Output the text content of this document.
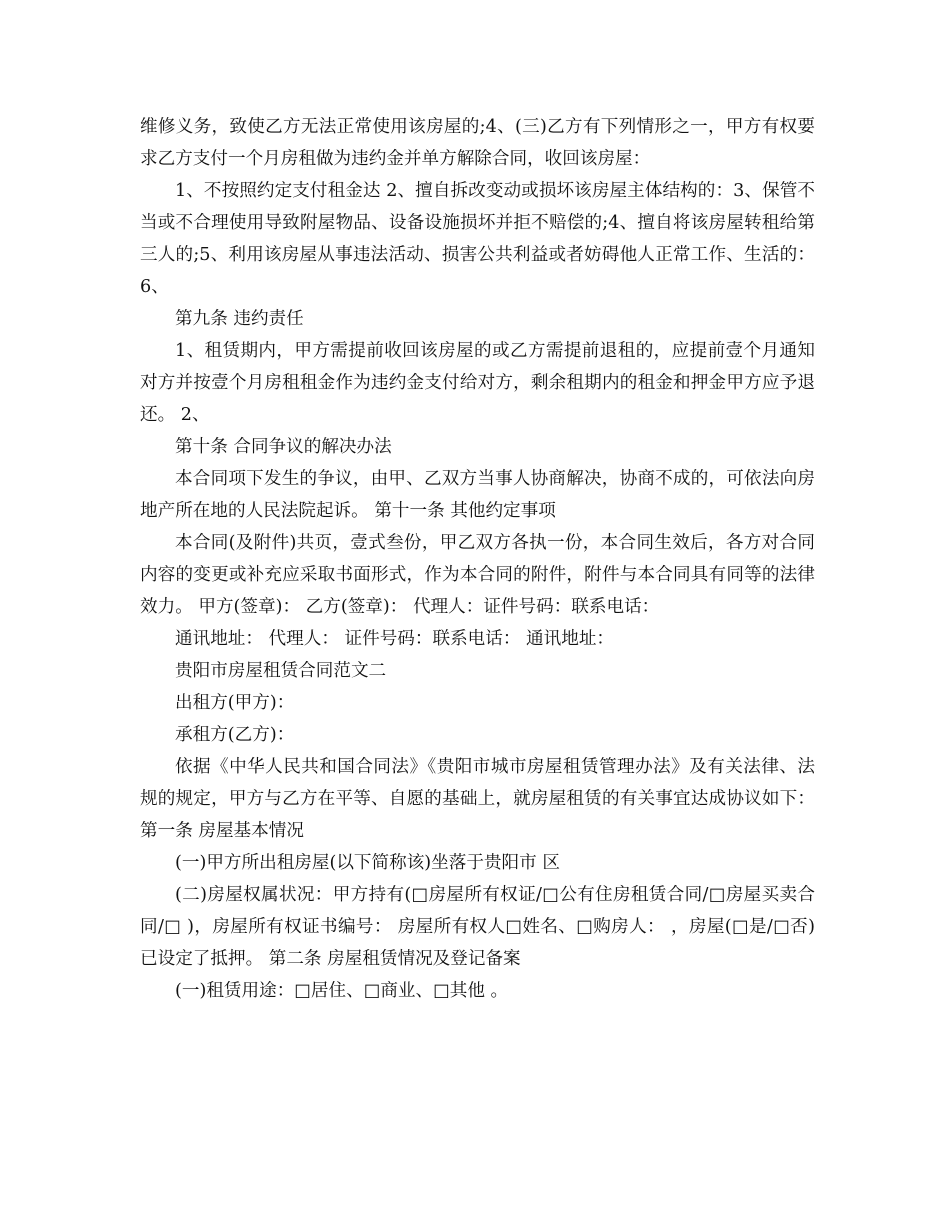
维修义务，致使乙方无法正常使用该房屋的;4、(三)乙方有下列情形之一，甲方有权要求乙方支付一个月房租做为违约金并单方解除合同，收回该房屋：

1、不按照约定支付租金达 2、擅自拆改变动或损坏该房屋主体结构的：3、保管不当或不合理使用导致附屋物品、设备设施损坏并拒不赔偿的;4、擅自将该房屋转租给第三人的;5、利用该房屋从事违法活动、损害公共利益或者妨碍他人正常工作、生活的：6、

第九条 违约责任

1、租赁期内，甲方需提前收回该房屋的或乙方需提前退租的，应提前壹个月通知对方并按壹个月房租租金作为违约金支付给对方，剩余租期内的租金和押金甲方应予退还。 2、

第十条 合同争议的解决办法

本合同项下发生的争议，由甲、乙双方当事人协商解决，协商不成的，可依法向房地产所在地的人民法院起诉。 第十一条 其他约定事项

本合同(及附件)共页，壹式叁份，甲乙双方各执一份，本合同生效后，各方对合同内容的变更或补充应采取书面形式，作为本合同的附件，附件与本合同具有同等的法律效力。 甲方(签章)： 乙方(签章)： 代理人：证件号码：联系电话：

通讯地址： 代理人： 证件号码：联系电话： 通讯地址：

贵阳市房屋租赁合同范文二

出租方(甲方)：

承租方(乙方)：

依据《中华人民共和国合同法》《贵阳市城市房屋租赁管理办法》及有关法律、法规的规定，甲方与乙方在平等、自愿的基础上，就房屋租赁的有关事宜达成协议如下： 第一条 房屋基本情况

(一)甲方所出租房屋(以下简称该)坐落于贵阳市 区

(二)房屋权属状况：甲方持有(□房屋所有权证/□公有住房租赁合同/□房屋买卖合同/□ )，房屋所有权证书编号： 房屋所有权人□姓名、□购房人： ，房屋(□是/□否)已设定了抵押。 第二条 房屋租赁情况及登记备案

(一)租赁用途：□居住、□商业、□其他 。
